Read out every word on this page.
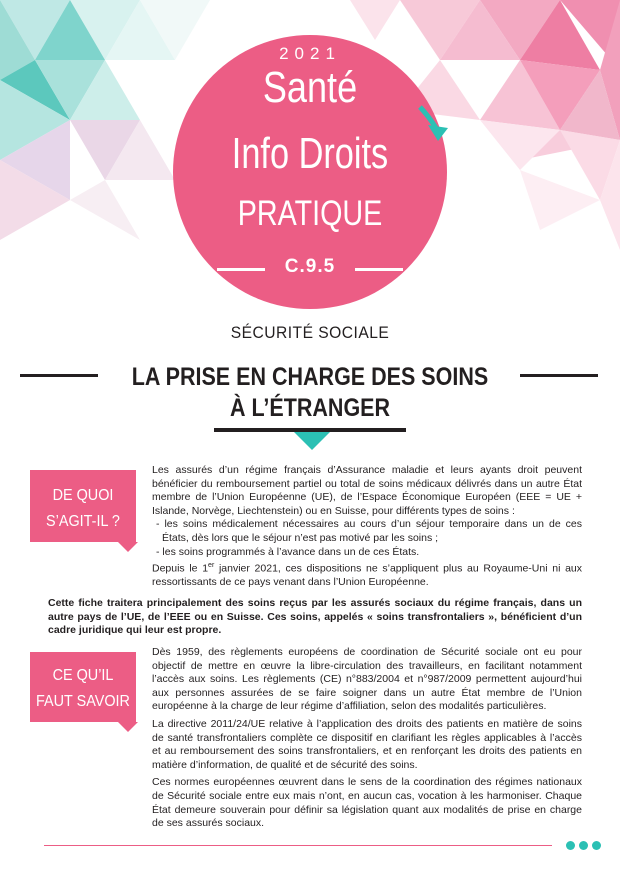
2021
Santé
Info Droits
PRATIQUE
C.9.5
SÉCURITÉ SOCIALE
LA PRISE EN CHARGE DES SOINS
À L’ÉTRANGER
DE QUOI
S’AGIT-IL ?

Les assurés d’un régime français d’Assurance maladie et leurs ayants droit peuvent bénéficier du remboursement partiel ou total de soins médicaux délivrés dans un autre État membre de l’Union Européenne (UE), de l’Espace Économique Européen (EEE = UE + Islande, Norvège, Liechtenstein) ou en Suisse, pour différents types de soins :

- les soins médicalement nécessaires au cours d’un séjour temporaire dans un de ces États, dès lors que le séjour n’est pas motivé par les soins ;

- les soins programmés à l’avance dans un de ces États.

Depuis le 1er janvier 2021, ces dispositions ne s’appliquent plus au Royaume-Uni ni aux ressortissants de ce pays venant dans l’Union Européenne.

Cette fiche traitera principalement des soins reçus par les assurés sociaux du régime français, dans un autre pays de l’UE, de l’EEE ou en Suisse. Ces soins, appelés « soins transfrontaliers », bénéficient d’un cadre juridique qui leur est propre.
CE QU’IL
FAUT SAVOIR

Dès 1959, des règlements européens de coordination de Sécurité sociale ont eu pour objectif de mettre en œuvre la libre-circulation des travailleurs, en facilitant notamment l’accès aux soins. Les règlements (CE) n°883/2004 et n°987/2009 permettent aujourd’hui aux personnes assurées de se faire soigner dans un autre État membre de l’Union européenne à la charge de leur régime d’affiliation, selon des modalités particulières.

La directive 2011/24/UE relative à l’application des droits des patients en matière de soins de santé transfrontaliers complète ce dispositif en clarifiant les règles applicables à l’accès et au remboursement des soins transfrontaliers, et en renforçant les droits des patients en matière d’information, de qualité et de sécurité des soins.

Ces normes européennes œuvrent dans le sens de la coordination des régimes nationaux de Sécurité sociale entre eux mais n’ont, en aucun cas, vocation à les harmoniser. Chaque État demeure souverain pour définir sa législation quant aux modalités de prise en charge de ses assurés sociaux.
